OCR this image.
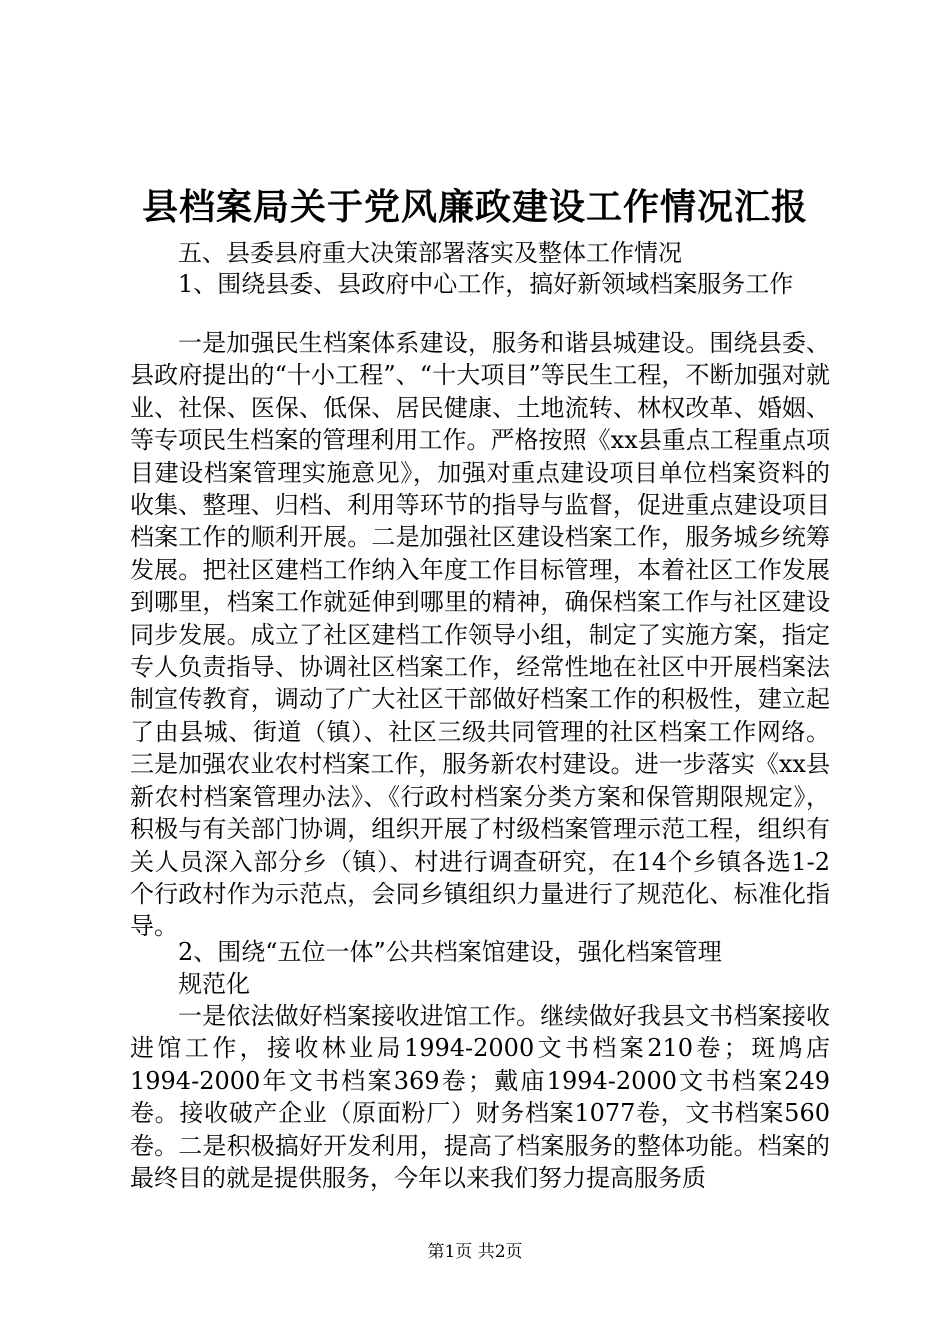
县档案局关于党风廉政建设工作情况汇报
五、县委县府重大决策部署落实及整体工作情况
1、围绕县委、县政府中心工作，搞好新领域档案服务工作
一是加强民生档案体系建设，服务和谐县城建设。围绕县委、县政府提出的“十小工程”、“十大项目”等民生工程，不断加强对就业、社保、医保、低保、居民健康、土地流转、林权改革、婚姻、等专项民生档案的管理利用工作。严格按照《xx县重点工程重点项目建设档案管理实施意见》，加强对重点建设项目单位档案资料的收集、整理、归档、利用等环节的指导与监督，促进重点建设项目档案工作的顺利开展。二是加强社区建设档案工作，服务城乡统筹发展。把社区建档工作纳入年度工作目标管理，本着社区工作发展到哪里，档案工作就延伸到哪里的精神，确保档案工作与社区建设同步发展。成立了社区建档工作领导小组，制定了实施方案，指定专人负责指导、协调社区档案工作，经常性地在社区中开展档案法制宣传教育，调动了广大社区干部做好档案工作的积极性，建立起了由县城、街道（镇）、社区三级共同管理的社区档案工作网络。三是加强农业农村档案工作，服务新农村建设。进一步落实《xx县新农村档案管理办法》、《行政村档案分类方案和保管期限规定》，积极与有关部门协调，组织开展了村级档案管理示范工程，组织有关人员深入部分乡（镇）、村进行调查研究，在14个乡镇各选1-2个行政村作为示范点，会同乡镇组织力量进行了规范化、标准化指导。
2、围绕“五位一体”公共档案馆建设，强化档案管理
规范化
一是依法做好档案接收进馆工作。继续做好我县文书档案接收进馆工作，接收林业局1994-2000文书档案210卷；斑鸠店1994-2000年文书档案369卷；戴庙1994-2000文书档案249卷。接收破产企业（原面粉厂）财务档案1077卷，文书档案560卷。二是积极搞好开发利用，提高了档案服务的整体功能。档案的最终目的就是提供服务，今年以来我们努力提高服务质
第1页 共2页
